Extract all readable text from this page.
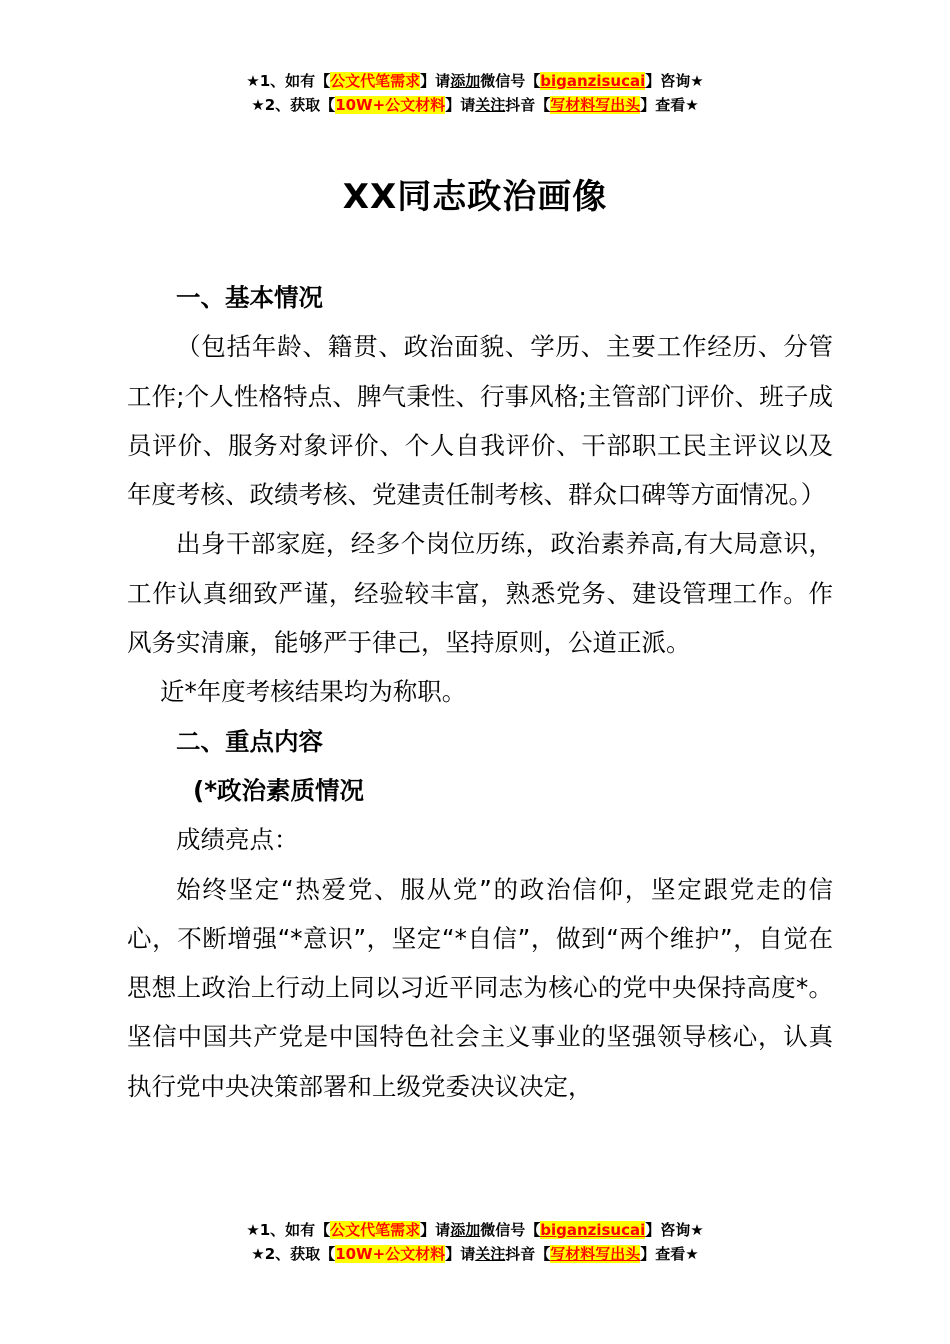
★1、如有【公文代笔需求】请添加微信号【biganzisucai】咨询★
★2、获取【10W+公文材料】请关注抖音【写材料写出头】查看★
XX同志政治画像

一、基本情况

（包括年龄、籍贯、政治面貌、学历、主要工作经历、分管工作;个人性格特点、脾气秉性、行事风格;主管部门评价、班子成员评价、服务对象评价、个人自我评价、干部职工民主评议以及年度考核、政绩考核、党建责任制考核、群众口碑等方面情况。）

出身干部家庭，经多个岗位历练，政治素养高,有大局意识，工作认真细致严谨，经验较丰富，熟悉党务、建设管理工作。作风务实清廉，能够严于律己，坚持原则，公道正派。

近*年度考核结果均为称职。

二、重点内容

(*政治素质情况

成绩亮点：

始终坚定“热爱党、服从党”的政治信仰，坚定跟党走的信心，不断增强“*意识”，坚定“*自信”，做到“两个维护”，自觉在思想上政治上行动上同以习近平同志为核心的党中央保持高度*。坚信中国共产党是中国特色社会主义事业的坚强领导核心，认真执行党中央决策部署和上级党委决议决定，

★1、如有【公文代笔需求】请添加微信号【biganzisucai】咨询★
★2、获取【10W+公文材料】请关注抖音【写材料写出头】查看★
